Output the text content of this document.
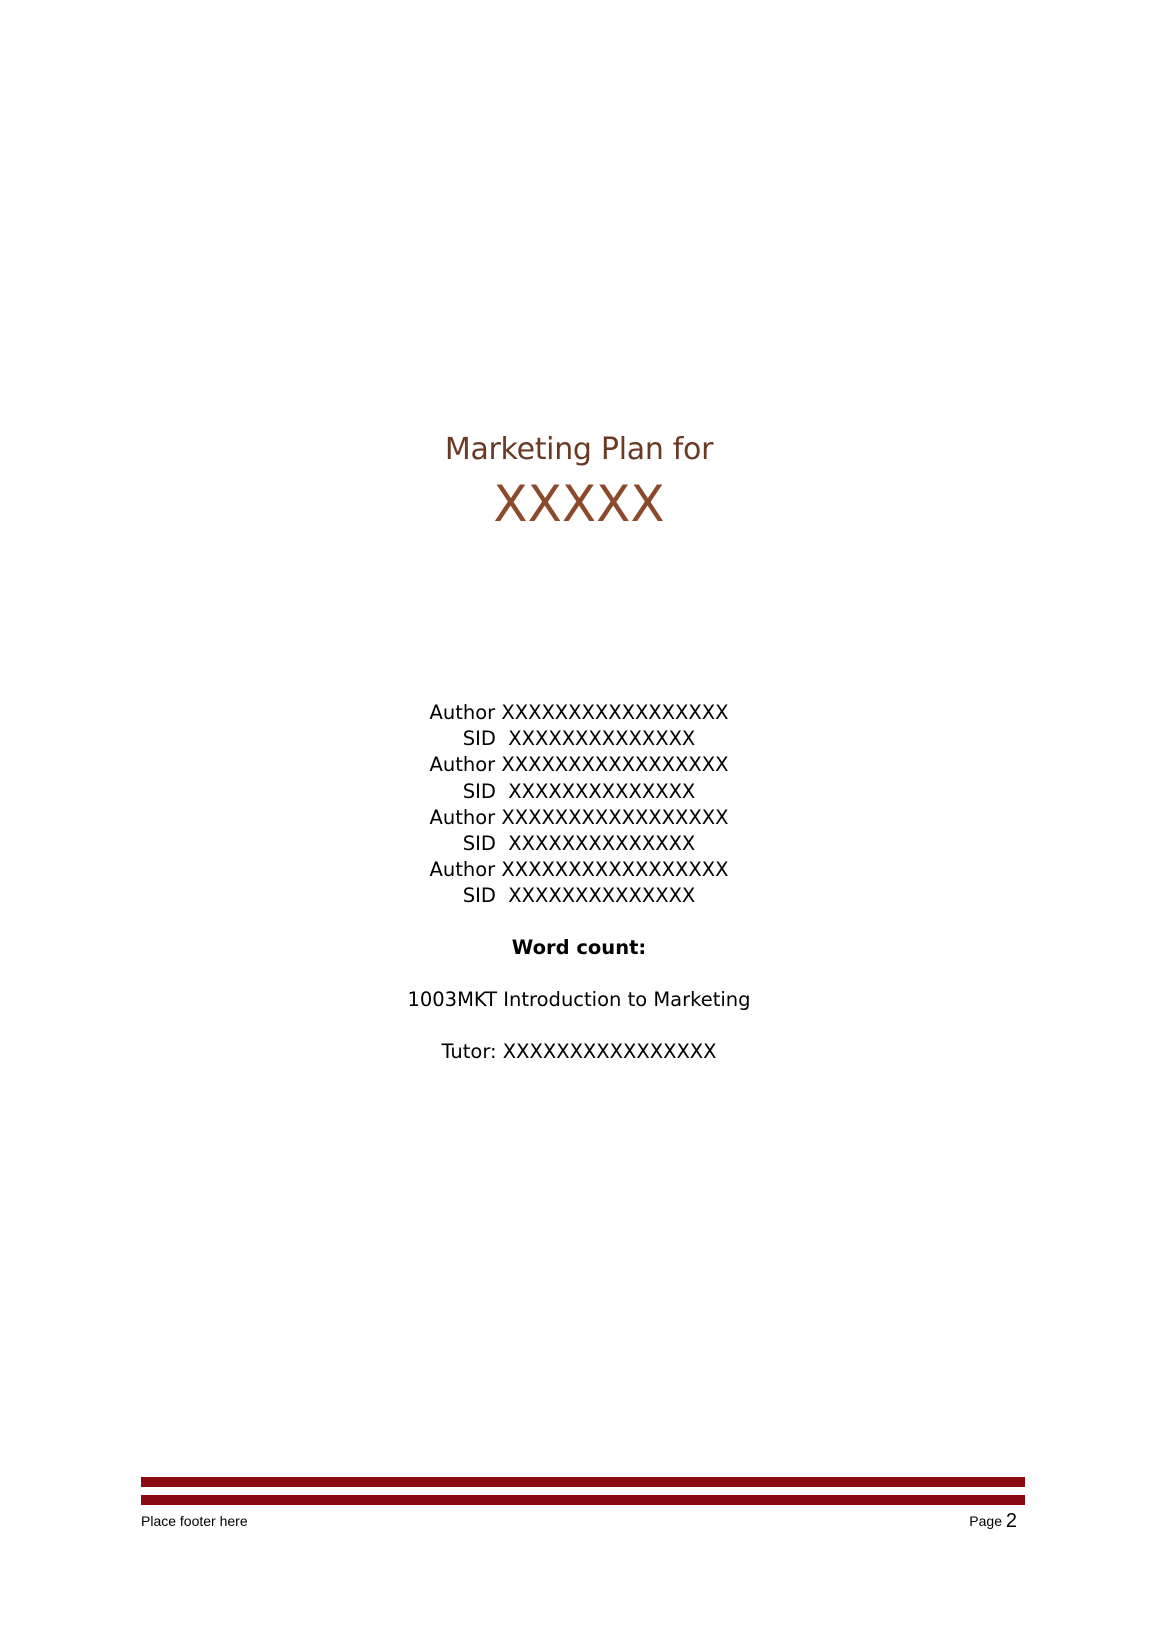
Marketing Plan for
XXXXX
Author XXXXXXXXXXXXXXXXX
SID  XXXXXXXXXXXXXX
Author XXXXXXXXXXXXXXXXX
SID  XXXXXXXXXXXXXX
Author XXXXXXXXXXXXXXXXX
SID  XXXXXXXXXXXXXX
Author XXXXXXXXXXXXXXXXX
SID  XXXXXXXXXXXXXX

Word count:

1003MKT Introduction to Marketing

Tutor: XXXXXXXXXXXXXXXX

Place footer here	Page 2
